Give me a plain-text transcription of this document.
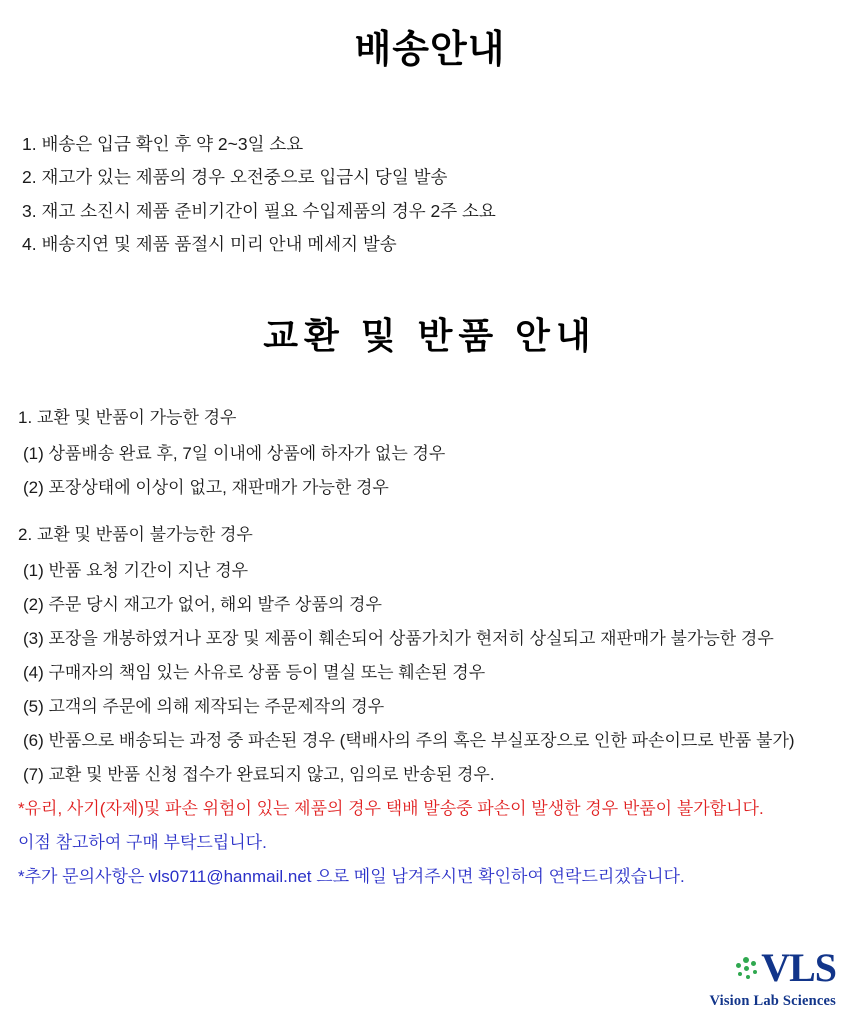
배송안내
1. 배송은 입금 확인 후 약 2~3일 소요
2. 재고가 있는 제품의 경우 오전중으로 입금시 당일 발송
3. 재고 소진시 제품 준비기간이 필요 수입제품의 경우 2주 소요
4. 배송지연 및 제품 품절시 미리 안내 메세지 발송
교환 및 반품 안내
1. 교환 및 반품이 가능한 경우
(1) 상품배송 완료 후, 7일 이내에 상품에 하자가 없는 경우
(2) 포장상태에 이상이 없고, 재판매가 가능한 경우
2. 교환 및 반품이 불가능한 경우
(1) 반품 요청 기간이 지난 경우
(2) 주문 당시 재고가 없어, 해외 발주 상품의 경우
(3) 포장을 개봉하였거나 포장 및 제품이 훼손되어 상품가치가 현저히 상실되고 재판매가 불가능한 경우
(4) 구매자의 책임 있는 사유로 상품 등이 멸실 또는 훼손된 경우
(5) 고객의 주문에 의해 제작되는 주문제작의 경우
(6) 반품으로 배송되는 과정 중 파손된 경우 (택배사의 주의 혹은 부실포장으로 인한 파손이므로 반품 불가)
(7) 교환 및 반품 신청 접수가 완료되지 않고, 임의로 반송된 경우.
*유리, 사기(자제)및 파손 위험이 있는 제품의 경우 택배 발송중 파손이 발생한 경우 반품이 불가합니다.
이점 참고하여 구매 부탁드립니다.
*추가 문의사항은 vls0711@hanmail.net 으로 메일 남겨주시면 확인하여 연락드리겠습니다.
VLS
Vision Lab Sciences
